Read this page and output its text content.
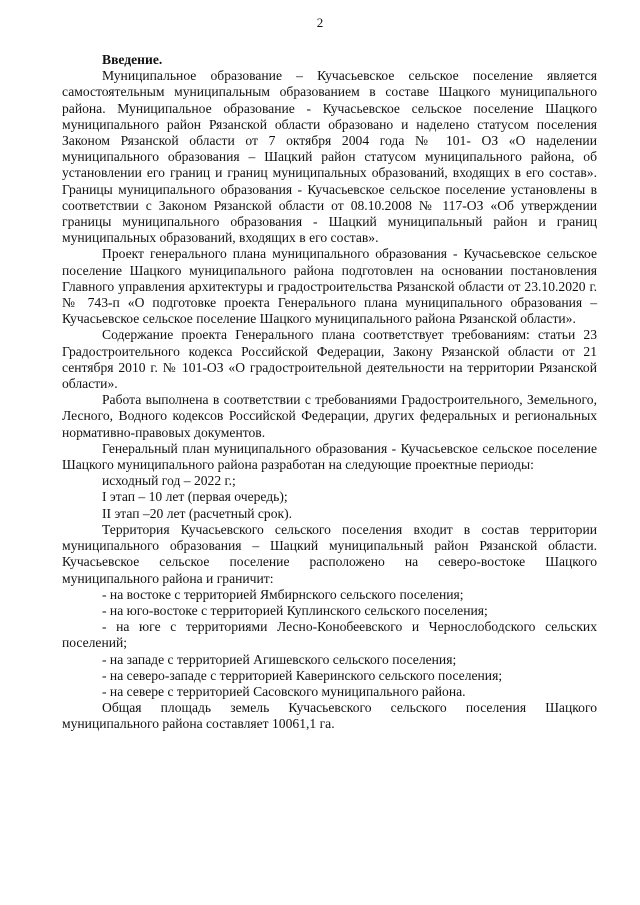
2

Введение.

Муниципальное образование – Кучасьевское сельское поселение является самостоятельным муниципальным образованием в составе Шацкого муниципального района. Муниципальное образование - Кучасьевское сельское поселение Шацкого муниципального район Рязанской области образовано и наделено статусом поселения Законом Рязанской области от 7 октября 2004 года № 101- ОЗ «О наделении муниципального образования – Шацкий район статусом муниципального района, об установлении его границ и границ муниципальных образований, входящих в его состав». Границы муниципального образования - Кучасьевское сельское поселение установлены в соответствии с Законом Рязанской области от 08.10.2008 № 117-ОЗ «Об утверждении границы муниципального образования - Шацкий муниципальный район и границ муниципальных образований, входящих в его состав».

Проект генерального плана муниципального образования - Кучасьевское сельское поселение Шацкого муниципального района подготовлен на основании постановления Главного управления архитектуры и градостроительства Рязанской области от 23.10.2020 г. № 743-п «О подготовке проекта Генерального плана муниципального образования – Кучасьевское сельское поселение Шацкого муниципального района Рязанской области».

Содержание проекта Генерального плана соответствует требованиям: статьи 23 Градостроительного кодекса Российской Федерации, Закону Рязанской области от 21 сентября 2010 г. № 101-ОЗ «О градостроительной деятельности на территории Рязанской области».

Работа выполнена в соответствии с требованиями Градостроительного, Земельного, Лесного, Водного кодексов Российской Федерации, других федеральных и региональных нормативно-правовых документов.

Генеральный план муниципального образования - Кучасьевское сельское поселение Шацкого муниципального района разработан на следующие проектные периоды:

исходный год – 2022 г.;

I этап – 10 лет (первая очередь);

II этап –20 лет (расчетный срок).

Территория Кучасьевского сельского поселения входит в состав территории муниципального образования – Шацкий муниципальный район Рязанской области. Кучасьевское сельское поселение расположено на северо-востоке Шацкого муниципального района и граничит:

- на востоке с территорией Ямбирнского сельского поселения;

- на юго-востоке с территорией Куплинского сельского поселения;

- на юге с территориями Лесно-Конобеевского и Чернослободского сельских поселений;

- на западе с территорией Агишевского сельского поселения;

- на северо-западе с территорией Каверинского сельского поселения;

- на севере с территорией Сасовского муниципального района.

Общая площадь земель Кучасьевского сельского поселения Шацкого муниципального района составляет 10061,1 га.
